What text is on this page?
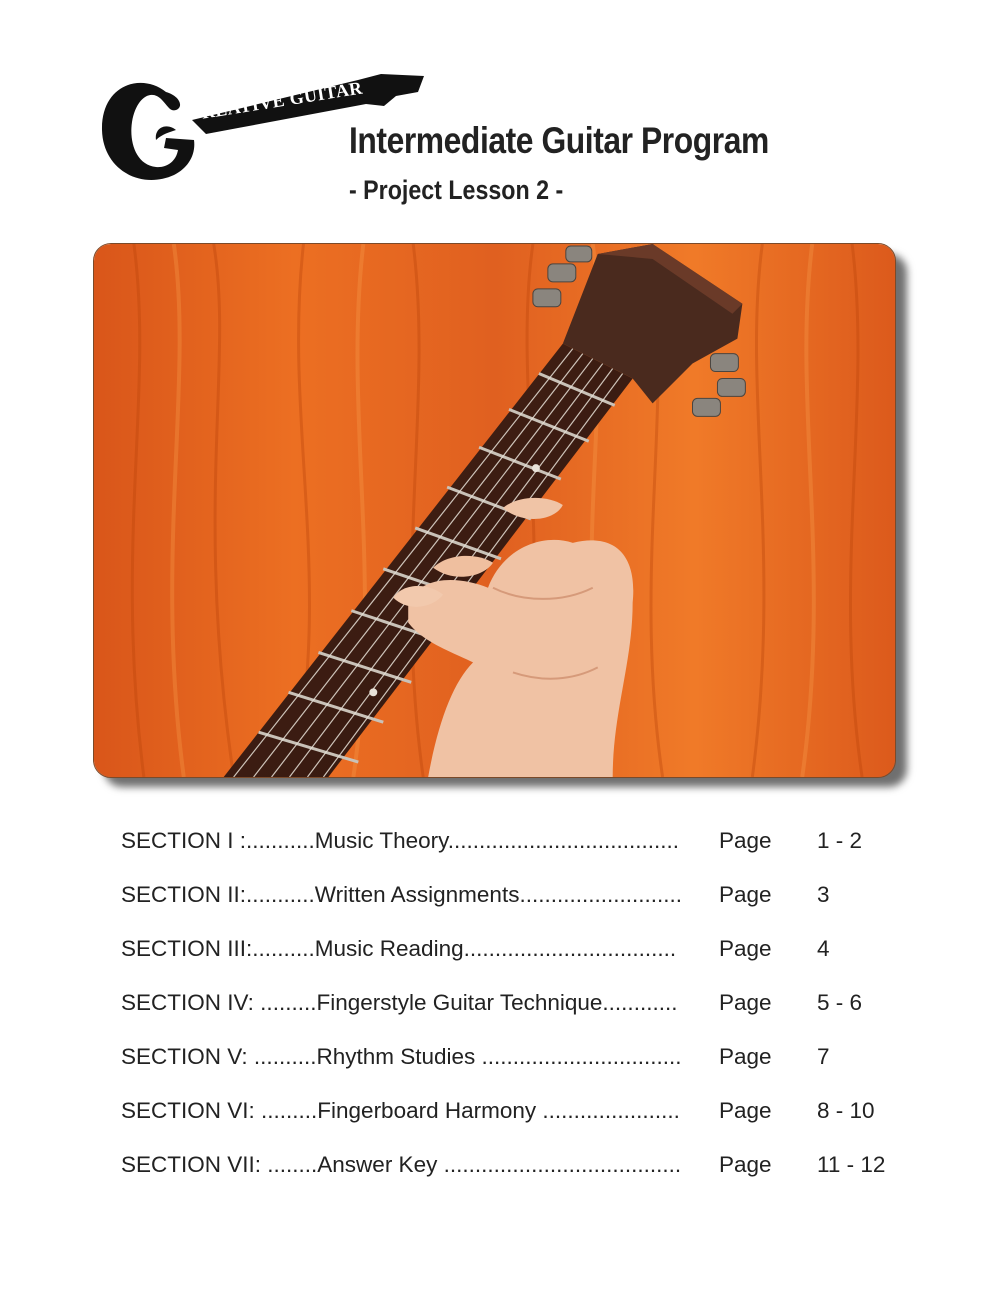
REATIVE GUITAR
Intermediate Guitar Program
- Project Lesson 2 -
SECTION I :...........Music Theory..................................... Page 1 - 2
SECTION II:...........Written Assignments.......................... Page 3
SECTION III:..........Music Reading.................................. Page 4
SECTION IV: .........Fingerstyle Guitar Technique............ Page 5 - 6
SECTION V: ..........Rhythm Studies ................................ Page 7
SECTION VI: .........Fingerboard Harmony ...................... Page 8 - 10
SECTION VII: ........Answer Key ...................................... Page 11 - 12
